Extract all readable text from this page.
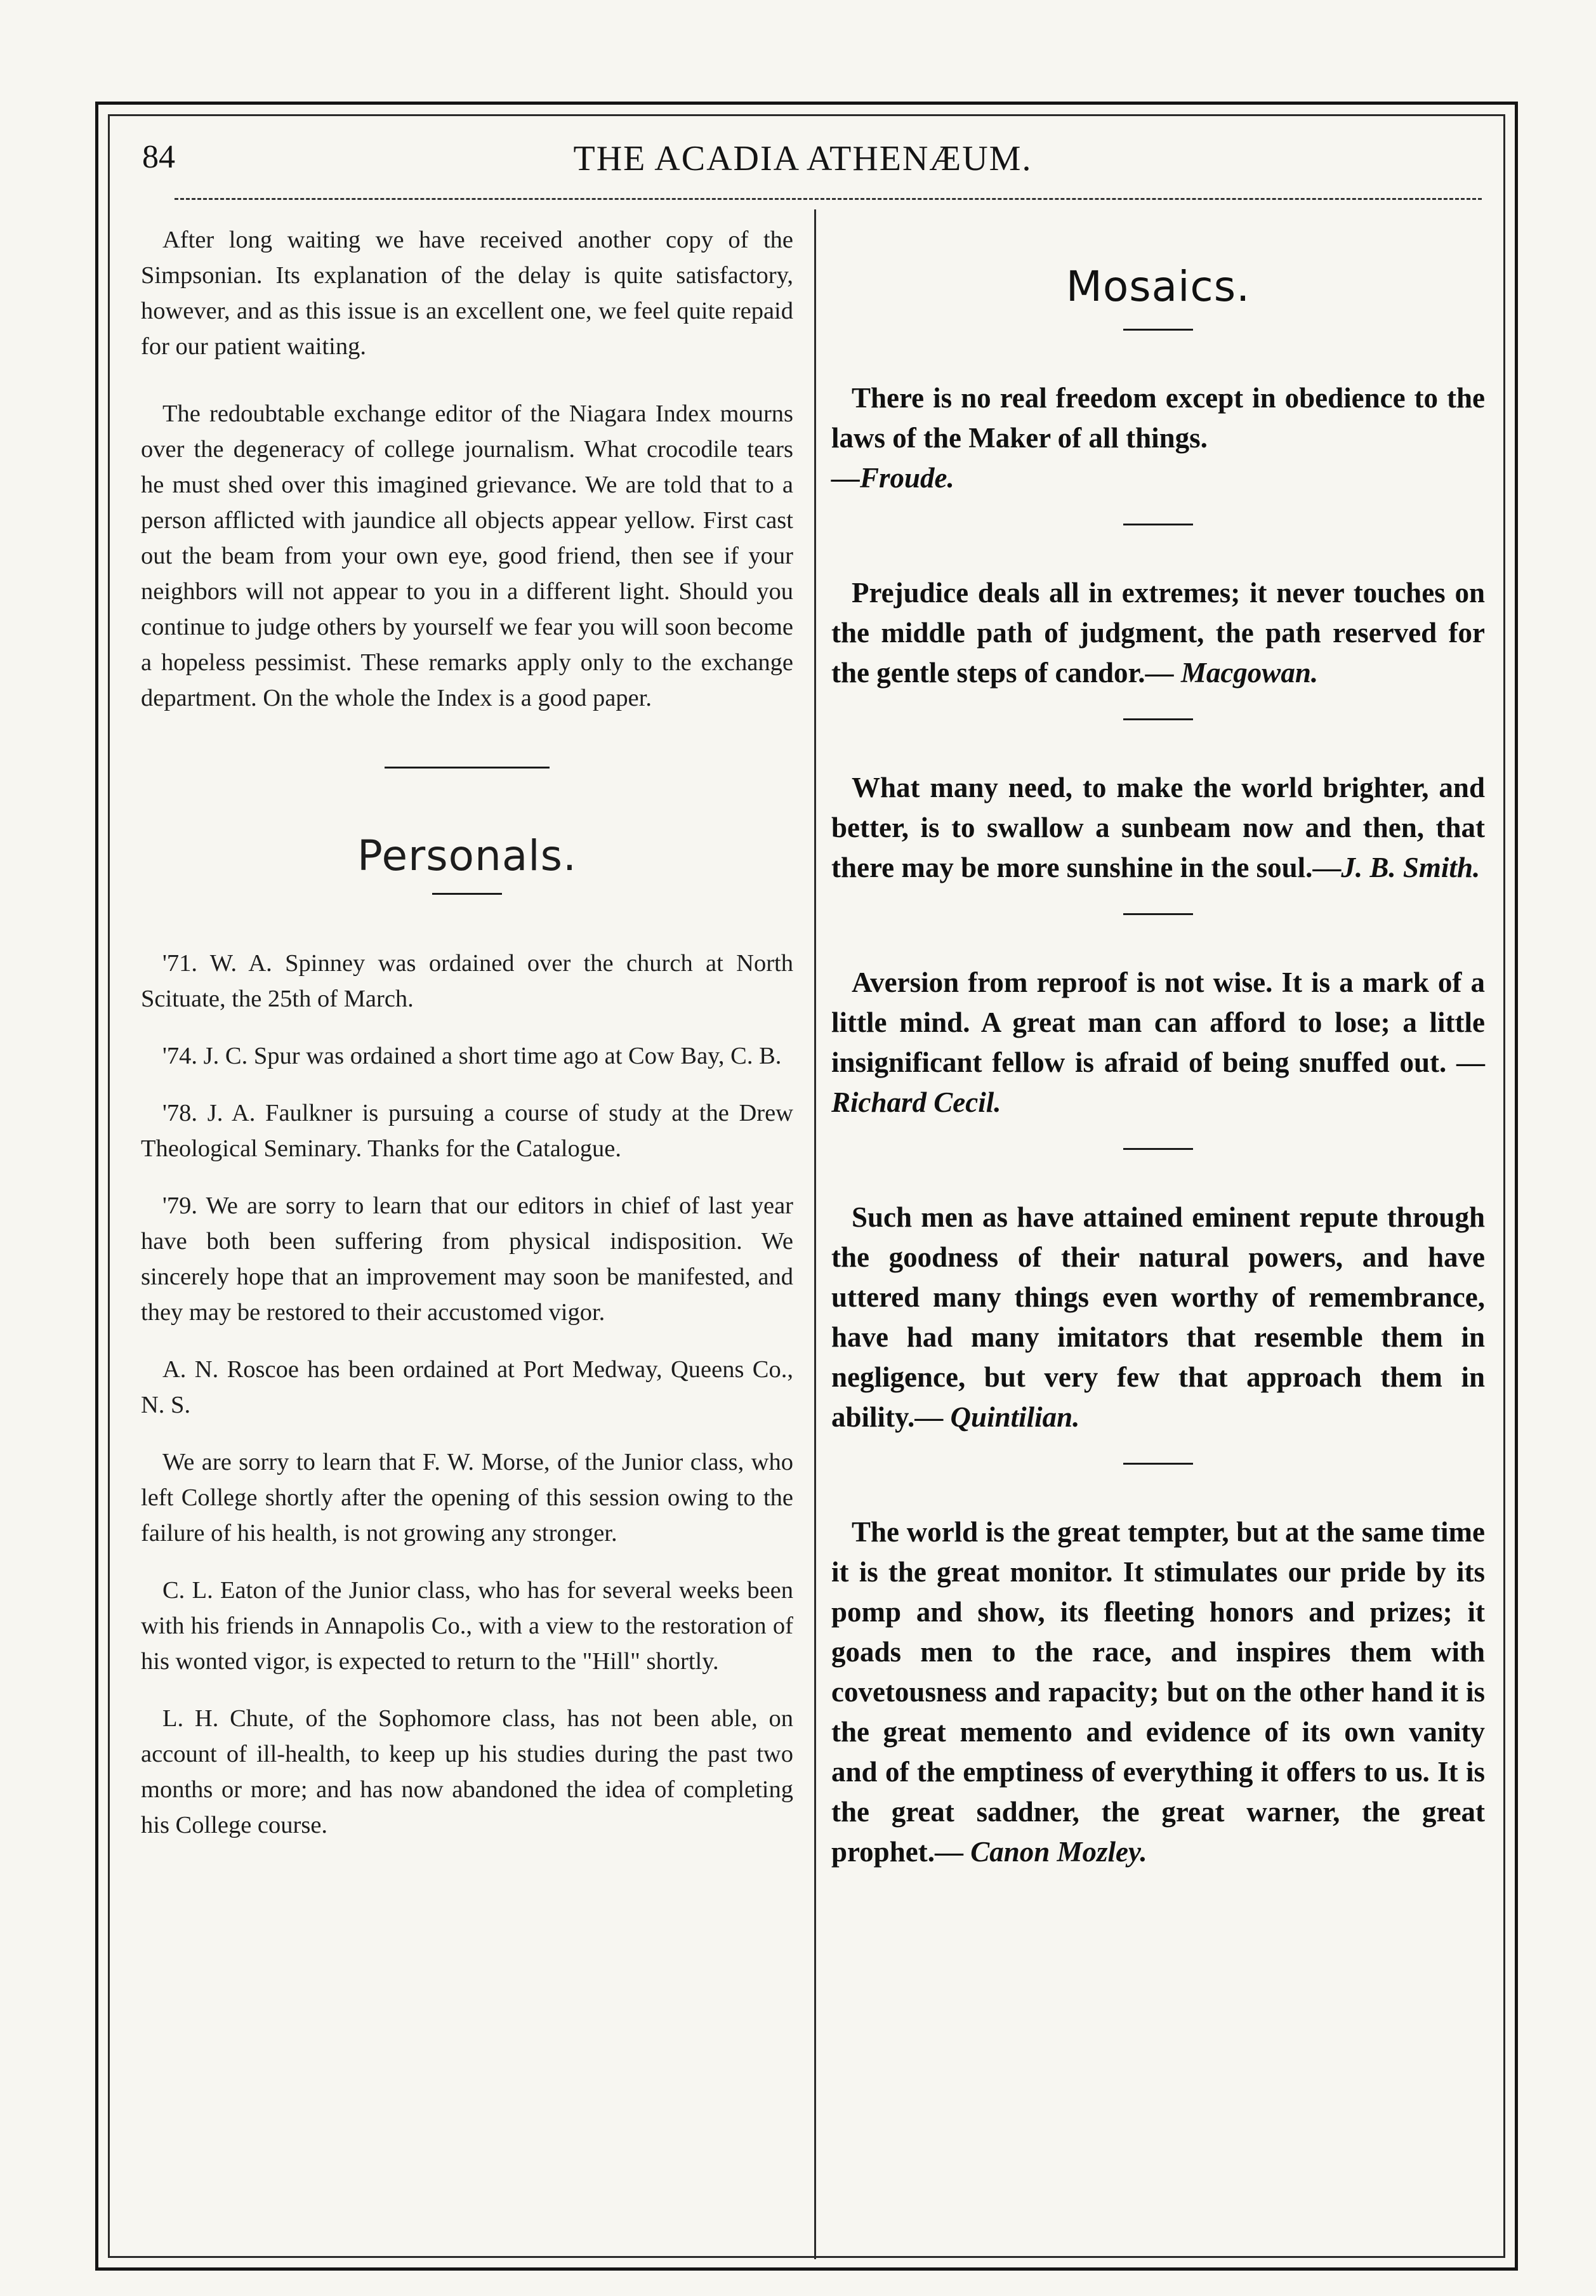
84	THE ACADIA ATHENÆUM.

After long waiting we have received another copy of the Simpsonian. Its explanation of the delay is quite satisfactory, however, and as this issue is an excellent one, we feel quite repaid for our patient waiting.

The redoubtable exchange editor of the Niagara Index mourns over the degeneracy of college journalism. What crocodile tears he must shed over this imagined grievance. We are told that to a person afflicted with jaundice all objects appear yellow. First cast out the beam from your own eye, good friend, then see if your neighbors will not appear to you in a different light. Should you continue to judge others by yourself we fear you will soon become a hopeless pessimist. These remarks apply only to the exchange department. On the whole the Index is a good paper.

Personals.

'71. W. A. Spinney was ordained over the church at North Scituate, the 25th of March.

'74. J. C. Spur was ordained a short time ago at Cow Bay, C. B.

'78. J. A. Faulkner is pursuing a course of study at the Drew Theological Seminary. Thanks for the Catalogue.

'79. We are sorry to learn that our editors in chief of last year have both been suffering from physical indisposition. We sincerely hope that an improvement may soon be manifested, and they may be restored to their accustomed vigor.

A. N. Roscoe has been ordained at Port Medway, Queens Co., N. S.

We are sorry to learn that F. W. Morse, of the Junior class, who left College shortly after the opening of this session owing to the failure of his health, is not growing any stronger.

C. L. Eaton of the Junior class, who has for several weeks been with his friends in Annapolis Co., with a view to the restoration of his wonted vigor, is expected to return to the "Hill" shortly.

L. H. Chute, of the Sophomore class, has not been able, on account of ill-health, to keep up his studies during the past two months or more; and has now abandoned the idea of completing his College course.

Mosaics.

There is no real freedom except in obedience to the laws of the Maker of all things.
—Froude.

Prejudice deals all in extremes; it never touches on the middle path of judgment, the path reserved for the gentle steps of candor.— Macgowan.

What many need, to make the world brighter, and better, is to swallow a sunbeam now and then, that there may be more sunshine in the soul.—J. B. Smith.

Aversion from reproof is not wise. It is a mark of a little mind. A great man can afford to lose; a little insignificant fellow is afraid of being snuffed out. — Richard Cecil.

Such men as have attained eminent repute through the goodness of their natural powers, and have uttered many things even worthy of remembrance, have had many imitators that resemble them in negligence, but very few that approach them in ability.— Quintilian.

The world is the great tempter, but at the same time it is the great monitor. It stimulates our pride by its pomp and show, its fleeting honors and prizes; it goads men to the race, and inspires them with covetousness and rapacity; but on the other hand it is the great memento and evidence of its own vanity and of the emptiness of everything it offers to us. It is the great saddner, the great warner, the great prophet.— Canon Mozley.
